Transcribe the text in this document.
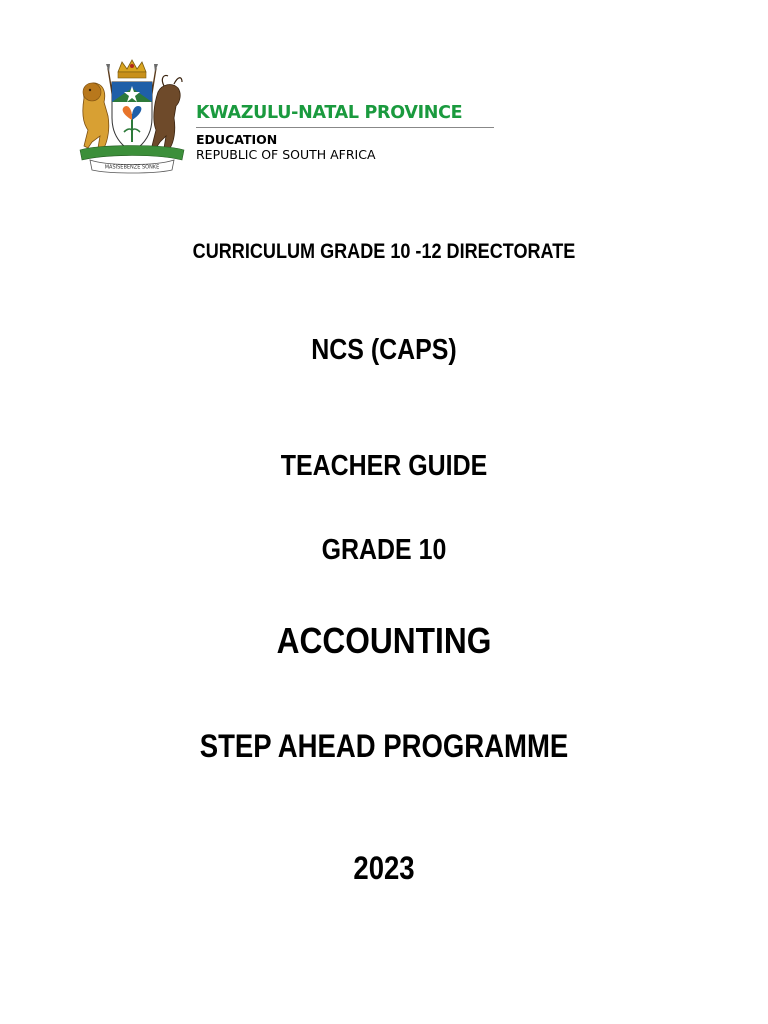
MASISEBENZE SONKE
KWAZULU-NATAL PROVINCE
EDUCATION
REPUBLIC OF SOUTH AFRICA
CURRICULUM GRADE 10 -12 DIRECTORATE
NCS (CAPS)
TEACHER GUIDE
GRADE 10
ACCOUNTING
STEP AHEAD PROGRAMME
2023
